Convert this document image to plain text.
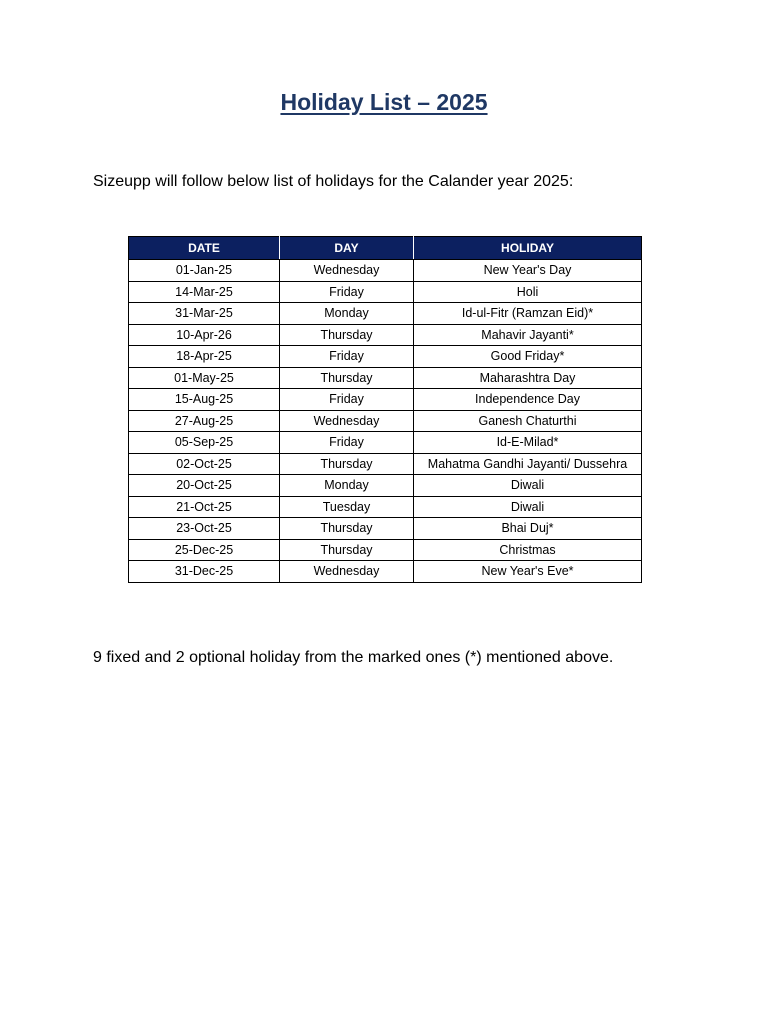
Holiday List – 2025

Sizeupp will follow below list of holidays for the Calander year 2025:

DATE	DAY	HOLIDAY
01-Jan-25	Wednesday	New Year's Day
14-Mar-25	Friday	Holi
31-Mar-25	Monday	Id-ul-Fitr (Ramzan Eid)*
10-Apr-26	Thursday	Mahavir Jayanti*
18-Apr-25	Friday	Good Friday*
01-May-25	Thursday	Maharashtra Day
15-Aug-25	Friday	Independence Day
27-Aug-25	Wednesday	Ganesh Chaturthi
05-Sep-25	Friday	Id-E-Milad*
02-Oct-25	Thursday	Mahatma Gandhi Jayanti/ Dussehra
20-Oct-25	Monday	Diwali
21-Oct-25	Tuesday	Diwali
23-Oct-25	Thursday	Bhai Duj*
25-Dec-25	Thursday	Christmas
31-Dec-25	Wednesday	New Year's Eve*

9 fixed and 2 optional holiday from the marked ones (*) mentioned above.
